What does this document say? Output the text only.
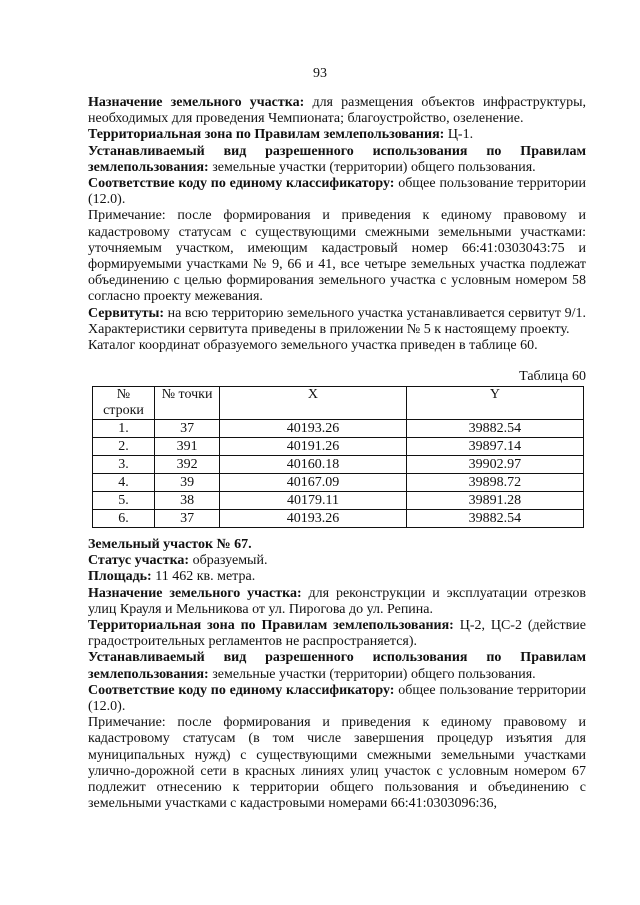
93

Назначение земельного участка: для размещения объектов инфраструктуры, необходимых для проведения Чемпионата; благоустройство, озеленение.

Территориальная зона по Правилам землепользования: Ц-1.

Устанавливаемый вид разрешенного использования по Правилам землепользования: земельные участки (территории) общего пользования.

Соответствие коду по единому классификатору: общее пользование территории (12.0).

Примечание: после формирования и приведения к единому правовому и кадастровому статусам с существующими смежными земельными участками: уточняемым участком, имеющим кадастровый номер 66:41:0303043:75 и формируемыми участками № 9, 66 и 41, все четыре земельных участка подлежат объединению с целью формирования земельного участка с условным номером 58 согласно проекту межевания.

Сервитуты: на всю территорию земельного участка устанавливается сервитут 9/1. Характеристики сервитута приведены в приложении № 5 к настоящему проекту.

Каталог координат образуемого земельного участка приведен в таблице 60.

Таблица 60
№ строки	№ точки	X	Y
1.	37	40193.26	39882.54
2.	391	40191.26	39897.14
3.	392	40160.18	39902.97
4.	39	40167.09	39898.72
5.	38	40179.11	39891.28
6.	37	40193.26	39882.54

Земельный участок № 67.

Статус участка: образуемый.

Площадь: 11 462 кв. метра.

Назначение земельного участка: для реконструкции и эксплуатации отрезков улиц Крауля и Мельникова от ул. Пирогова до ул. Репина.

Территориальная зона по Правилам землепользования: Ц-2, ЦС-2 (действие градостроительных регламентов не распространяется).

Устанавливаемый вид разрешенного использования по Правилам землепользования: земельные участки (территории) общего пользования.

Соответствие коду по единому классификатору: общее пользование территории (12.0).

Примечание: после формирования и приведения к единому правовому и кадастровому статусам (в том числе завершения процедур изъятия для муниципальных нужд) с существующими смежными земельными участками улично-дорожной сети в красных линиях улиц участок с условным номером 67 подлежит отнесению к территории общего пользования и объединению с земельными участками с кадастровыми номерами 66:41:0303096:36,
